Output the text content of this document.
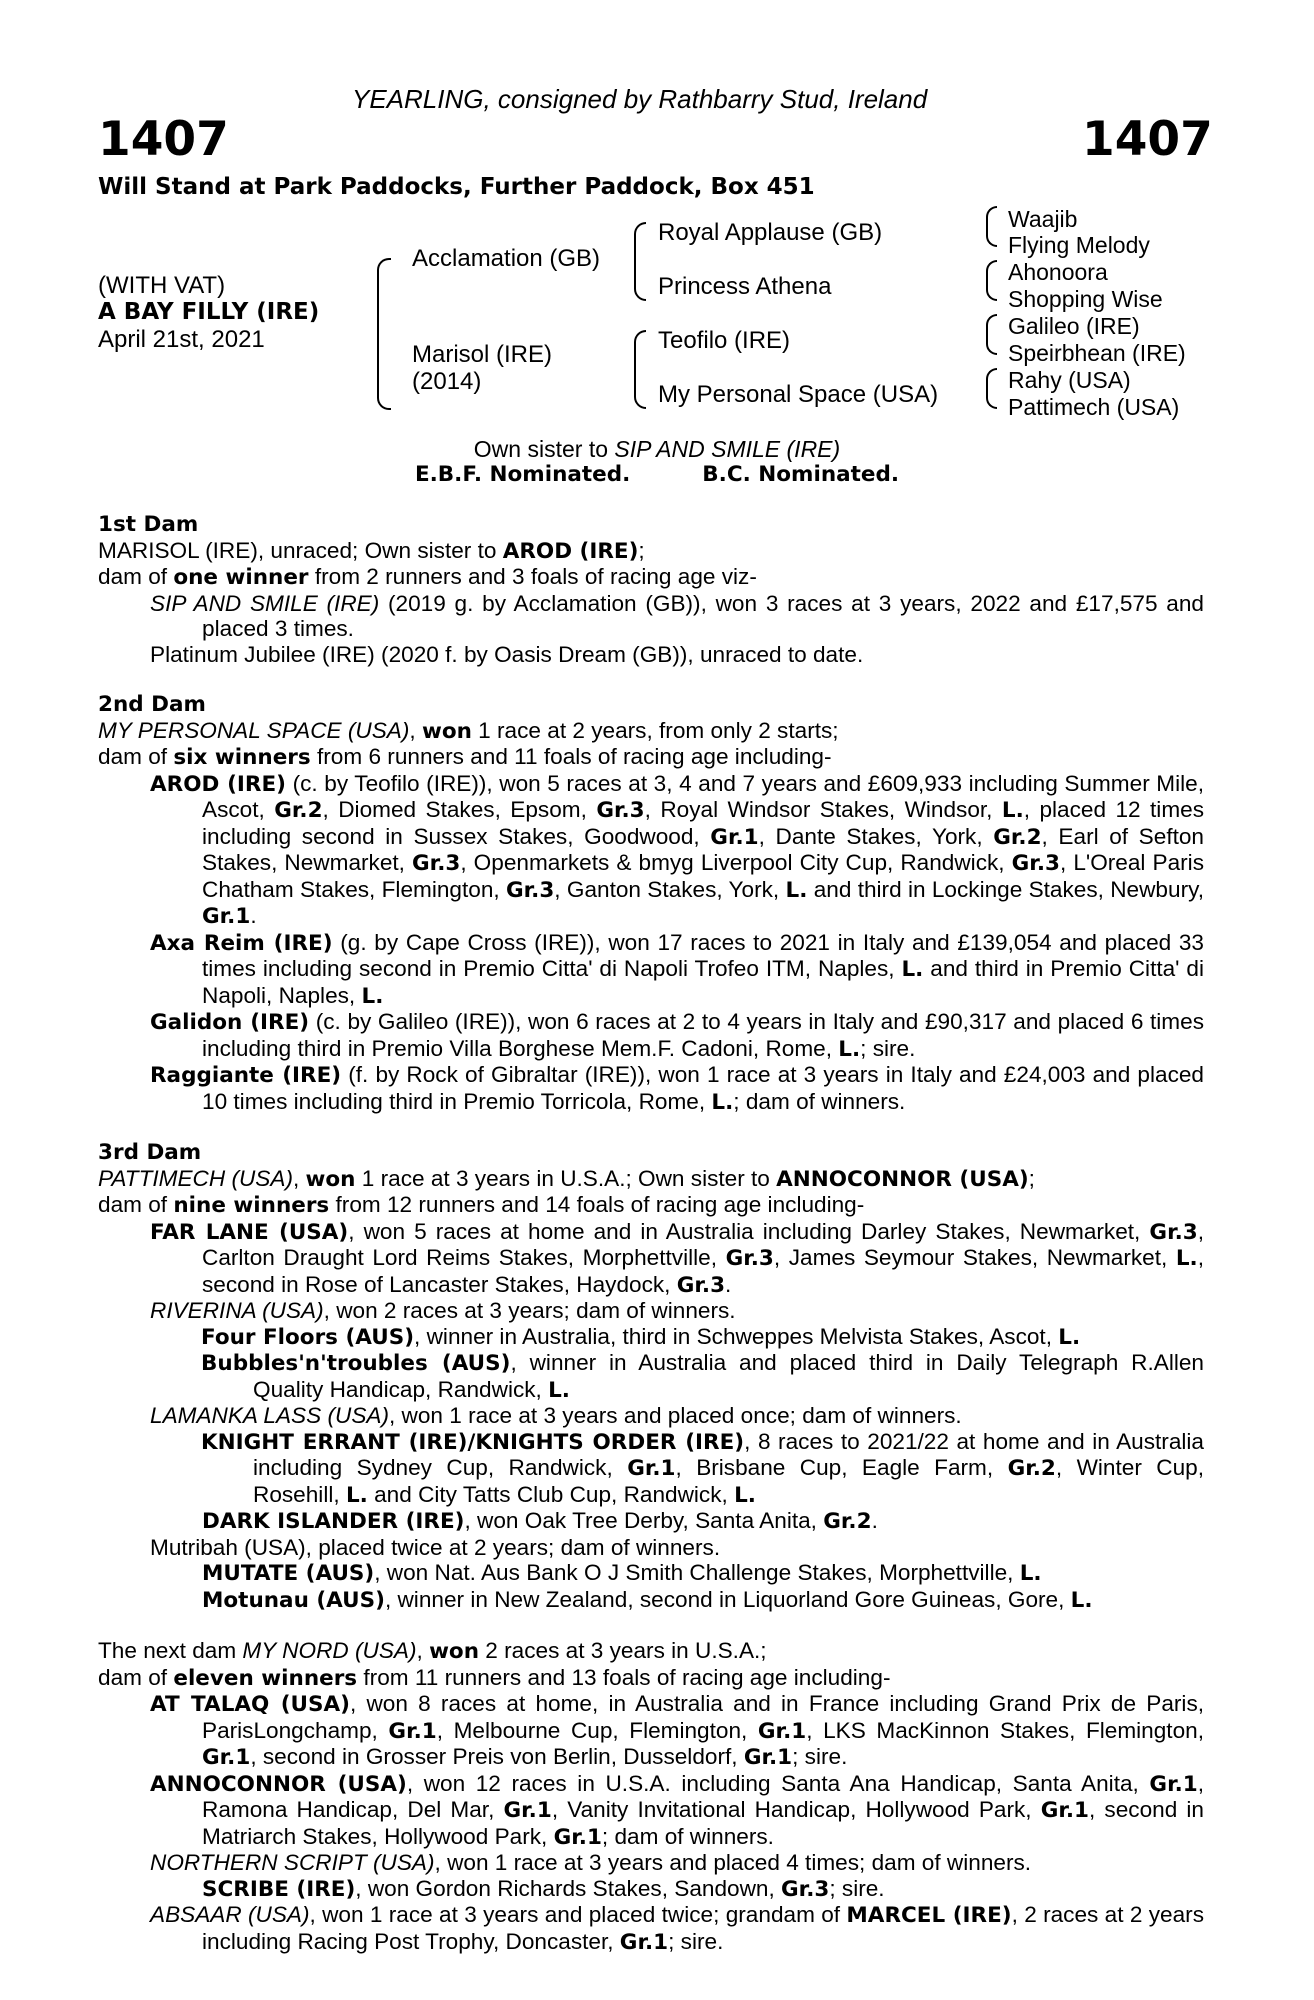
YEARLING, consigned by Rathbarry Stud, Ireland
1407	1407
Will Stand at Park Paddocks, Further Paddock, Box 451
(WITH VAT)
A BAY FILLY (IRE)
April 21st, 2021
Acclamation (GB)
Marisol (IRE)
(2014)
Royal Applause (GB)
Princess Athena
Teofilo (IRE)
My Personal Space (USA)
Waajib
Flying Melody
Ahonoora
Shopping Wise
Galileo (IRE)
Speirbhean (IRE)
Rahy (USA)
Pattimech (USA)
Own sister to SIP AND SMILE (IRE)
E.B.F. Nominated.	B.C. Nominated.

1st Dam

MARISOL (IRE), unraced; Own sister to AROD (IRE);

dam of one winner from 2 runners and 3 foals of racing age viz-

SIP AND SMILE (IRE) (2019 g. by Acclamation (GB)), won 3 races at 3 years, 2022 and £17,575 and placed 3 times.

Platinum Jubilee (IRE) (2020 f. by Oasis Dream (GB)), unraced to date.

2nd Dam

MY PERSONAL SPACE (USA), won 1 race at 2 years, from only 2 starts;

dam of six winners from 6 runners and 11 foals of racing age including-

AROD (IRE) (c. by Teofilo (IRE)), won 5 races at 3, 4 and 7 years and £609,933 including Summer Mile, Ascot, Gr.2, Diomed Stakes, Epsom, Gr.3, Royal Windsor Stakes, Windsor, L., placed 12 times including second in Sussex Stakes, Goodwood, Gr.1, Dante Stakes, York, Gr.2, Earl of Sefton Stakes, Newmarket, Gr.3, Openmarkets & bmyg Liverpool City Cup, Randwick, Gr.3, L'Oreal Paris Chatham Stakes, Flemington, Gr.3, Ganton Stakes, York, L. and third in Lockinge Stakes, Newbury, Gr.1.

Axa Reim (IRE) (g. by Cape Cross (IRE)), won 17 races to 2021 in Italy and £139,054 and placed 33 times including second in Premio Citta' di Napoli Trofeo ITM, Naples, L. and third in Premio Citta' di Napoli, Naples, L.

Galidon (IRE) (c. by Galileo (IRE)), won 6 races at 2 to 4 years in Italy and £90,317 and placed 6 times including third in Premio Villa Borghese Mem.F. Cadoni, Rome, L.; sire.

Raggiante (IRE) (f. by Rock of Gibraltar (IRE)), won 1 race at 3 years in Italy and £24,003 and placed 10 times including third in Premio Torricola, Rome, L.; dam of winners.

3rd Dam

PATTIMECH (USA), won 1 race at 3 years in U.S.A.; Own sister to ANNOCONNOR (USA);

dam of nine winners from 12 runners and 14 foals of racing age including-

FAR LANE (USA), won 5 races at home and in Australia including Darley Stakes, Newmarket, Gr.3, Carlton Draught Lord Reims Stakes, Morphettville, Gr.3, James Seymour Stakes, Newmarket, L., second in Rose of Lancaster Stakes, Haydock, Gr.3.

RIVERINA (USA), won 2 races at 3 years; dam of winners.

Four Floors (AUS), winner in Australia, third in Schweppes Melvista Stakes, Ascot, L.

Bubbles'n'troubles (AUS), winner in Australia and placed third in Daily Telegraph R.Allen Quality Handicap, Randwick, L.

LAMANKA LASS (USA), won 1 race at 3 years and placed once; dam of winners.

KNIGHT ERRANT (IRE)/KNIGHTS ORDER (IRE), 8 races to 2021/22 at home and in Australia including Sydney Cup, Randwick, Gr.1, Brisbane Cup, Eagle Farm, Gr.2, Winter Cup, Rosehill, L. and City Tatts Club Cup, Randwick, L.

DARK ISLANDER (IRE), won Oak Tree Derby, Santa Anita, Gr.2.

Mutribah (USA), placed twice at 2 years; dam of winners.

MUTATE (AUS), won Nat. Aus Bank O J Smith Challenge Stakes, Morphettville, L.

Motunau (AUS), winner in New Zealand, second in Liquorland Gore Guineas, Gore, L.

The next dam MY NORD (USA), won 2 races at 3 years in U.S.A.;

dam of eleven winners from 11 runners and 13 foals of racing age including-

AT TALAQ (USA), won 8 races at home, in Australia and in France including Grand Prix de Paris, ParisLongchamp, Gr.1, Melbourne Cup, Flemington, Gr.1, LKS MacKinnon Stakes, Flemington, Gr.1, second in Grosser Preis von Berlin, Dusseldorf, Gr.1; sire.

ANNOCONNOR (USA), won 12 races in U.S.A. including Santa Ana Handicap, Santa Anita, Gr.1, Ramona Handicap, Del Mar, Gr.1, Vanity Invitational Handicap, Hollywood Park, Gr.1, second in Matriarch Stakes, Hollywood Park, Gr.1; dam of winners.

NORTHERN SCRIPT (USA), won 1 race at 3 years and placed 4 times; dam of winners.

SCRIBE (IRE), won Gordon Richards Stakes, Sandown, Gr.3; sire.

ABSAAR (USA), won 1 race at 3 years and placed twice; grandam of MARCEL (IRE), 2 races at 2 years including Racing Post Trophy, Doncaster, Gr.1; sire.
